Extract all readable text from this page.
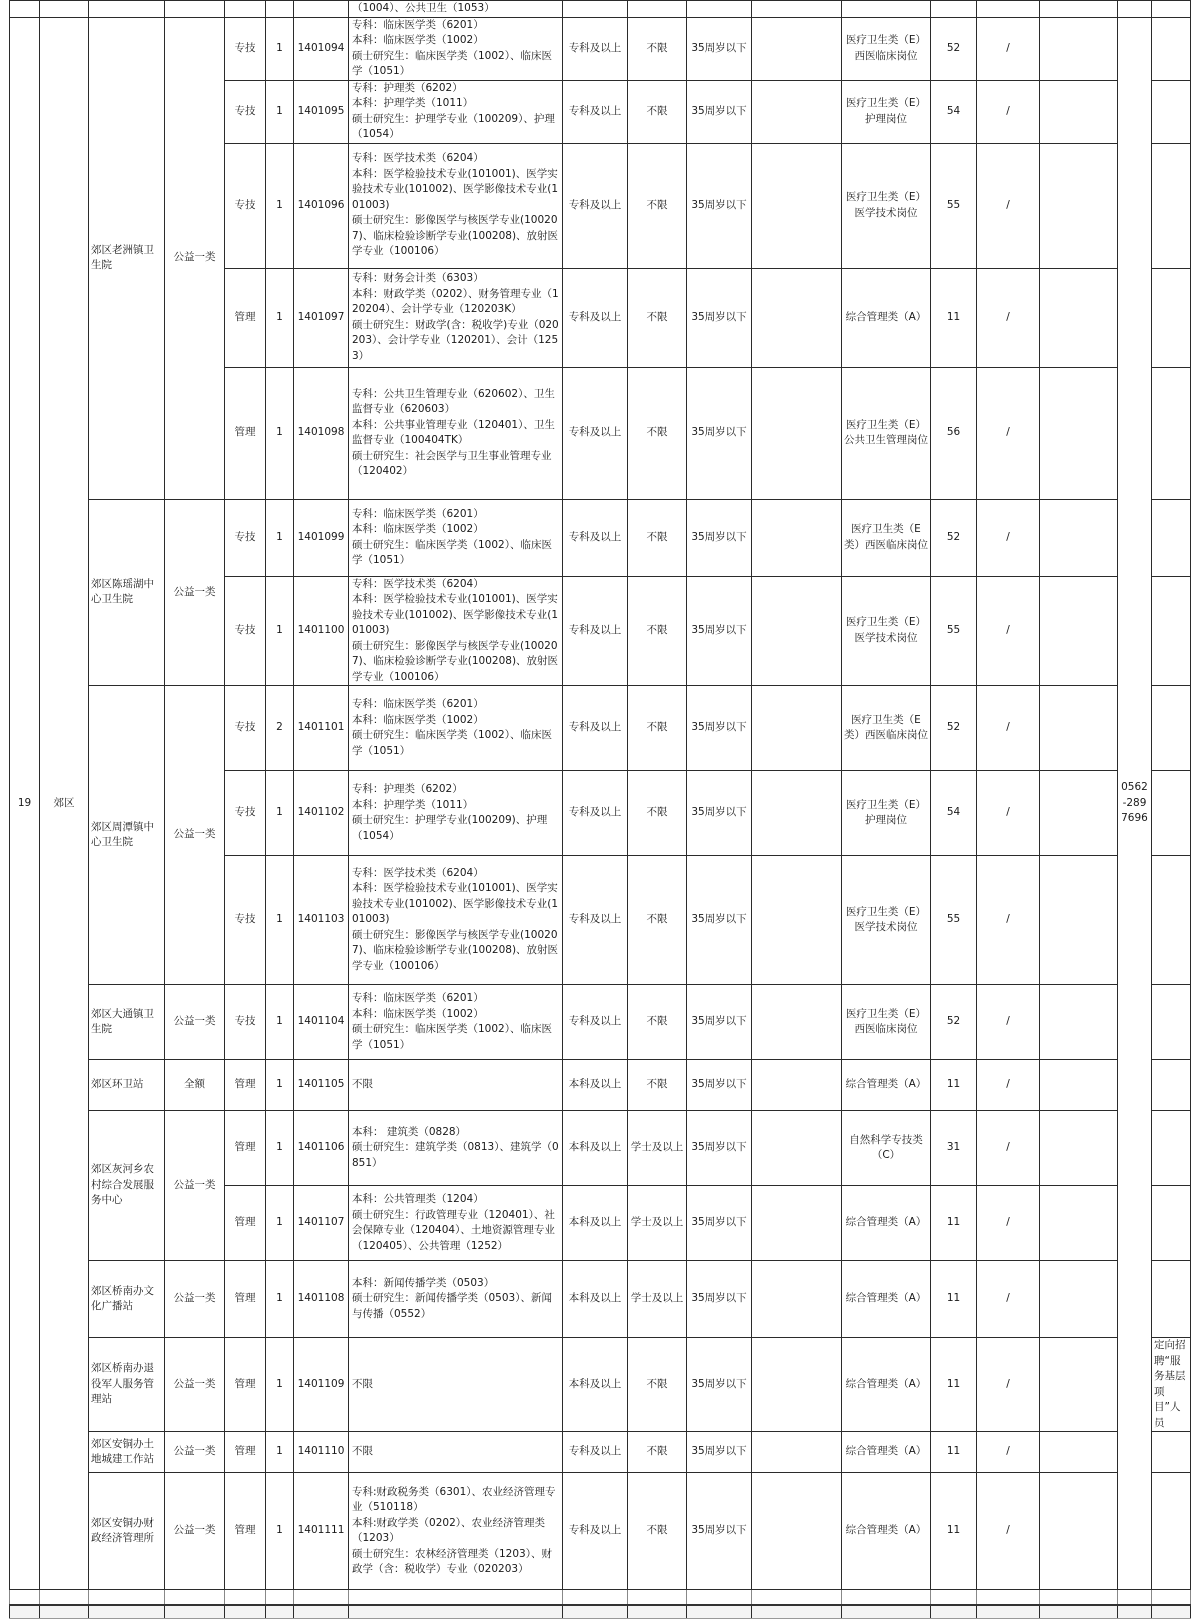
							（1004）、公共卫生（1053）										
19	郊区	郊区老洲镇卫生院	公益一类	专技	1	1401094	专科：临床医学类（6201）
本科：临床医学类（1002）
硕士研究生：临床医学类（1002）、临床医学（1051）	专科及以上	不限	35周岁以下		医疗卫生类（E）西医临床岗位	52	/		0562-2897696	
				专技	1	1401095	专科：护理类（6202）
本科：护理学类（1011）
硕士研究生：护理学专业（100209）、护理（1054）	专科及以上	不限	35周岁以下		医疗卫生类（E）护理岗位	54	/			
				专技	1	1401096	专科：医学技术类（6204）
本科：医学检验技术专业(101001)、医学实验技术专业(101002)、医学影像技术专业(101003)
硕士研究生：影像医学与核医学专业(100207)、临床检验诊断学专业(100208)、放射医学专业（100106）	专科及以上	不限	35周岁以下		医疗卫生类（E）医学技术岗位	55	/			
				管理	1	1401097	专科：财务会计类（6303）
本科：财政学类（0202）、财务管理专业（120204）、会计学专业（120203K）
硕士研究生：财政学(含：税收学)专业（020203）、会计学专业（120201）、会计（1253）	专科及以上	不限	35周岁以下		综合管理类（A）	11	/			
				管理	1	1401098	专科：公共卫生管理专业（620602）、卫生监督专业（620603）
本科：公共事业管理专业（120401）、卫生监督专业（100404TK）
硕士研究生：社会医学与卫生事业管理专业（120402）	专科及以上	不限	35周岁以下		医疗卫生类（E）公共卫生管理岗位	56	/			
		郊区陈瑶湖中心卫生院	公益一类	专技	1	1401099	专科：临床医学类（6201）
本科：临床医学类（1002）
硕士研究生：临床医学类（1002）、临床医学（1051）	专科及以上	不限	35周岁以下		医疗卫生类（E类）西医临床岗位	52	/			
				专技	1	1401100	专科：医学技术类（6204）
本科：医学检验技术专业(101001)、医学实验技术专业(101002)、医学影像技术专业(101003)
硕士研究生：影像医学与核医学专业(100207)、临床检验诊断学专业(100208)、放射医学专业（100106）	专科及以上	不限	35周岁以下		医疗卫生类（E）医学技术岗位	55	/			
		郊区周潭镇中心卫生院	公益一类	专技	2	1401101	专科：临床医学类（6201）
本科：临床医学类（1002）
硕士研究生：临床医学类（1002）、临床医学（1051）	专科及以上	不限	35周岁以下		医疗卫生类（E类）西医临床岗位	52	/			
				专技	1	1401102	专科：护理类（6202）
本科：护理学类（1011）
硕士研究生：护理学专业(100209)、护理（1054）	专科及以上	不限	35周岁以下		医疗卫生类（E）护理岗位	54	/			
				专技	1	1401103	专科：医学技术类（6204）
本科：医学检验技术专业(101001)、医学实验技术专业(101002)、医学影像技术专业(101003)
硕士研究生：影像医学与核医学专业(100207)、临床检验诊断学专业(100208)、放射医学专业（100106）	专科及以上	不限	35周岁以下		医疗卫生类（E）医学技术岗位	55	/			
		郊区大通镇卫生院	公益一类	专技	1	1401104	专科：临床医学类（6201）
本科：临床医学类（1002）
硕士研究生：临床医学类（1002）、临床医学（1051）	专科及以上	不限	35周岁以下		医疗卫生类（E）西医临床岗位	52	/			
		郊区环卫站	全额	管理	1	1401105	不限	本科及以上	不限	35周岁以下		综合管理类（A）	11	/			
		郊区灰河乡农村综合发展服务中心	公益一类	管理	1	1401106	本科： 建筑类（0828）
硕士研究生：建筑学类（0813）、建筑学（0851）	本科及以上	学士及以上	35周岁以下		自然科学专技类（C）	31	/			
				管理	1	1401107	本科：公共管理类（1204）
硕士研究生：行政管理专业（120401）、社会保障专业（120404）、土地资源管理专业（120405）、公共管理（1252）	本科及以上	学士及以上	35周岁以下		综合管理类（A）	11	/			
		郊区桥南办文化广播站	公益一类	管理	1	1401108	本科：新闻传播学类（0503）
硕士研究生：新闻传播学类（0503）、新闻与传播（0552）	本科及以上	学士及以上	35周岁以下		综合管理类（A）	11	/			
		郊区桥南办退役军人服务管理站	公益一类	管理	1	1401109	不限	本科及以上	不限	35周岁以下		综合管理类（A）	11	/			定向招聘“服务基层项目”人员
		郊区安铜办土地城建工作站	公益一类	管理	1	1401110	不限	专科及以上	不限	35周岁以下		综合管理类（A）	11	/			
		郊区安铜办财政经济管理所	公益一类	管理	1	1401111	专科:财政税务类（6301）、农业经济管理专业（510118）
本科:财政学类（0202）、农业经济管理类（1203）
硕士研究生：农林经济管理类（1203）、财政学（含：税收学）专业（020203）	专科及以上	不限	35周岁以下		综合管理类（A）	11	/			
